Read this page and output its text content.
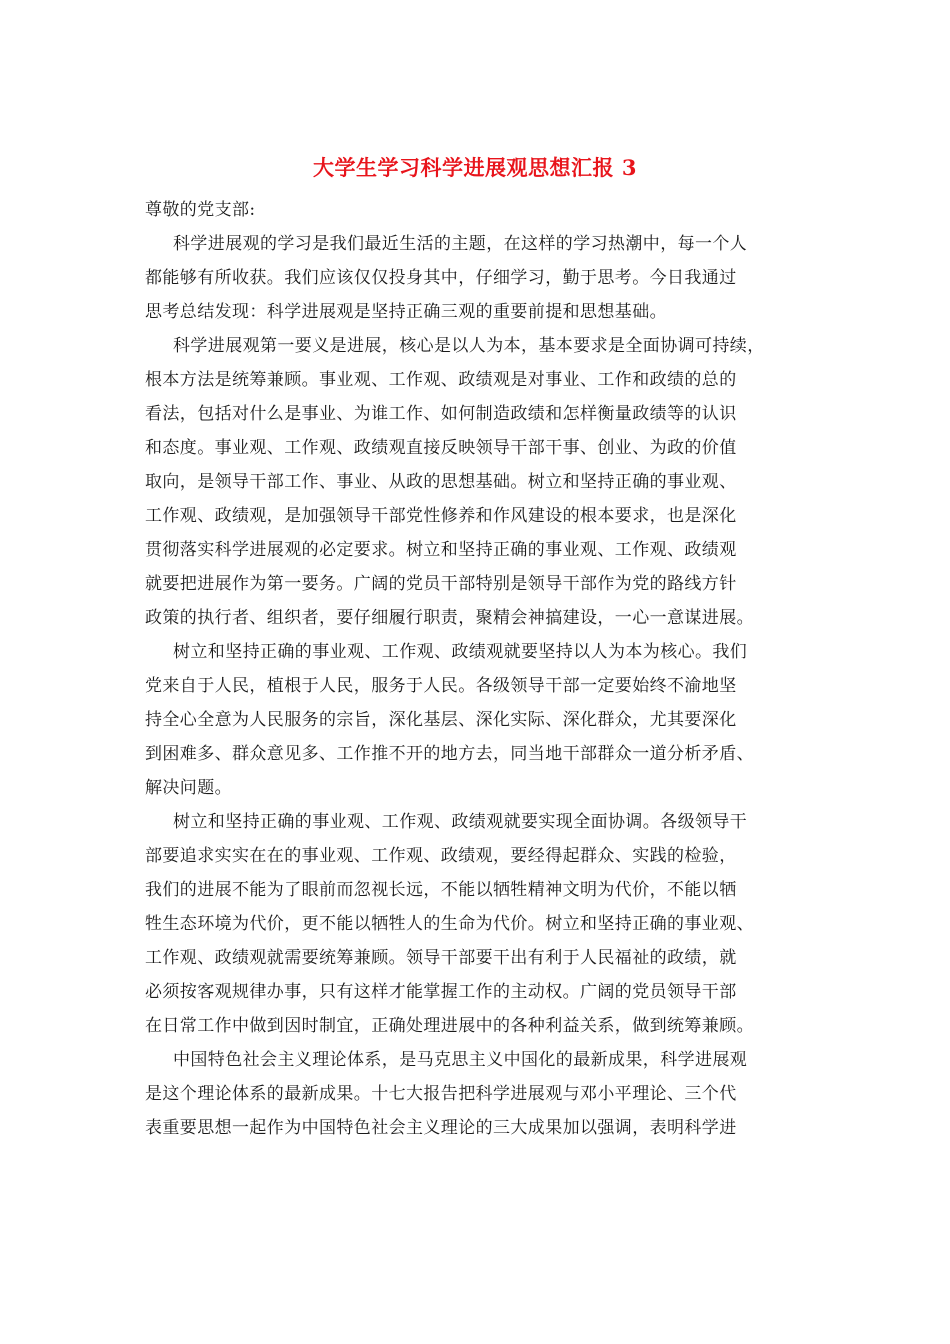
大学生学习科学进展观思想汇报 3
尊敬的党支部:
科学进展观的学习是我们最近生活的主题，在这样的学习热潮中，每一个人
都能够有所收获。我们应该仅仅投身其中，仔细学习，勤于思考。今日我通过
思考总结发现：科学进展观是坚持正确三观的重要前提和思想基础。
科学进展观第一要义是进展，核心是以人为本，基本要求是全面协调可持续，
根本方法是统筹兼顾。事业观、工作观、政绩观是对事业、工作和政绩的总的
看法，包括对什么是事业、为谁工作、如何制造政绩和怎样衡量政绩等的认识
和态度。事业观、工作观、政绩观直接反映领导干部干事、创业、为政的价值
取向，是领导干部工作、事业、从政的思想基础。树立和坚持正确的事业观、
工作观、政绩观，是加强领导干部党性修养和作风建设的根本要求，也是深化
贯彻落实科学进展观的必定要求。树立和坚持正确的事业观、工作观、政绩观
就要把进展作为第一要务。广阔的党员干部特别是领导干部作为党的路线方针
政策的执行者、组织者，要仔细履行职责，聚精会神搞建设，一心一意谋进展。
树立和坚持正确的事业观、工作观、政绩观就要坚持以人为本为核心。我们
党来自于人民，植根于人民，服务于人民。各级领导干部一定要始终不渝地坚
持全心全意为人民服务的宗旨，深化基层、深化实际、深化群众，尤其要深化
到困难多、群众意见多、工作推不开的地方去，同当地干部群众一道分析矛盾、
解决问题。
树立和坚持正确的事业观、工作观、政绩观就要实现全面协调。各级领导干
部要追求实实在在的事业观、工作观、政绩观，要经得起群众、实践的检验，
我们的进展不能为了眼前而忽视长远，不能以牺牲精神文明为代价，不能以牺
牲生态环境为代价，更不能以牺牲人的生命为代价。树立和坚持正确的事业观、
工作观、政绩观就需要统筹兼顾。领导干部要干出有利于人民福祉的政绩，就
必须按客观规律办事，只有这样才能掌握工作的主动权。广阔的党员领导干部
在日常工作中做到因时制宜，正确处理进展中的各种利益关系，做到统筹兼顾。
中国特色社会主义理论体系，是马克思主义中国化的最新成果，科学进展观
是这个理论体系的最新成果。十七大报告把科学进展观与邓小平理论、三个代
表重要思想一起作为中国特色社会主义理论的三大成果加以强调，表明科学进
